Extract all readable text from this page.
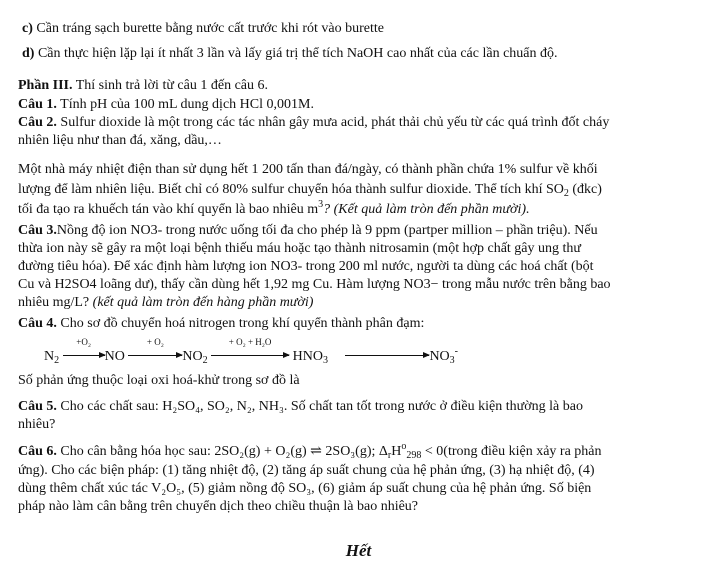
c) Cần tráng sạch burette bằng nước cất trước khi rót vào burette
d) Cần thực hiện lặp lại ít nhất 3 lần và lấy giá trị thể tích NaOH cao nhất của các lần chuẩn độ.
Phần III. Thí sinh trả lời từ câu 1 đến câu 6.
Câu 1. Tính pH của 100 mL dung dịch HCl 0,001M.
Câu 2. Sulfur dioxide là một trong các tác nhân gây mưa acid, phát thải chủ yếu từ các quá trình đốt cháy
nhiên liệu như than đá, xăng, dầu,…
Một nhà máy nhiệt điện than sử dụng hết 1 200 tấn than đá/ngày, có thành phần chứa 1% sulfur về khối
lượng để làm nhiên liệu. Biết chỉ có 80% sulfur chuyển hóa thành sulfur dioxide. Thể tích khí $SO_2$ (đkc)
tối đa tạo ra khuếch tán vào khí quyển là bao nhiêu $m^3$? (Kết quả làm tròn đến phần mười).
Câu 3.Nồng độ ion NO3- trong nước uống tối đa cho phép là 9 ppm (partper million – phần triệu). Nếu
thừa ion này sẽ gây ra một loại bệnh thiếu máu hoặc tạo thành nitrosamin (một hợp chất gây ung thư
đường tiêu hóa). Để xác định hàm lượng ion NO3- trong 200 ml nước, người ta dùng các hoá chất (bột
Cu và H2SO4 loãng dư), thấy cần dùng hết 1,92 mg Cu. Hàm lượng NO3− trong mẫu nước trên bằng bao
nhiêu mg/L? (kết quả làm tròn đến hàng phần mười)
Câu 4. Cho sơ đồ chuyển hoá nitrogen trong khí quyển thành phân đạm:
$N_2$
+O₂
NO
+ O₂
$NO_2$
+ O₂ + H₂O
$HNO_3$	$NO_3^-$
Số phản ứng thuộc loại oxi hoá-khử trong sơ đồ là
Câu 5. Cho các chất sau: H₂SO₄, SO₂, N₂, NH₃. Số chất tan tốt trong nước ở điều kiện thường là bao
nhiêu?
Câu 6. Cho cân bằng hóa học sau: 2SO₂(g) + O₂(g) ⇌ 2SO₃(g); $\Delta_rH^o_{298}$ < 0(trong điều kiện xảy ra phản
ứng). Cho các biện pháp: (1) tăng nhiệt độ, (2) tăng áp suất chung của hệ phản ứng, (3) hạ nhiệt độ, (4)
dùng thêm chất xúc tác V₂O₅, (5) giảm nồng độ SO₃, (6) giảm áp suất chung của hệ phản ứng. Số biện
pháp nào làm cân bằng trên chuyển dịch theo chiều thuận là bao nhiêu?
Hết
